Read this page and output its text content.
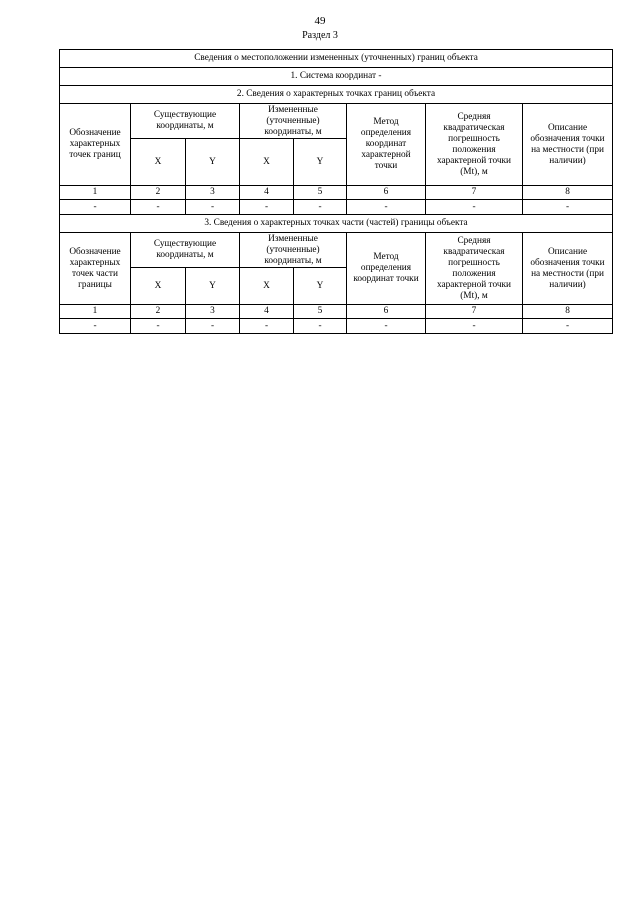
49
Раздел 3
Сведения о местоположении измененных (уточненных) границ объекта							
1. Система координат -							
2. Сведения о характерных точках границ объекта							
Обозначение характерных точек границ	Существующие координаты, м		Измененные (уточненные) координаты, м		Метод определения координат характерной точки	Средняя квадратическая погрешность положения характерной точки (Mt), м	Описание обозначения точки на местности (при наличии)
	X	Y	X	Y			
1	2	3	4	5	6	7	8
-	-	-	-	-	-	-	-
3. Сведения о характерных точках части (частей) границы объекта							
Обозначение характерных точек части границы	Существующие координаты, м		Измененные (уточненные) координаты, м		Метод определения координат точки	Средняя квадратическая погрешность положения характерной точки (Mt), м	Описание обозначения точки на местности (при наличии)
	X	Y	X	Y			
1	2	3	4	5	6	7	8
-	-	-	-	-	-	-	-
